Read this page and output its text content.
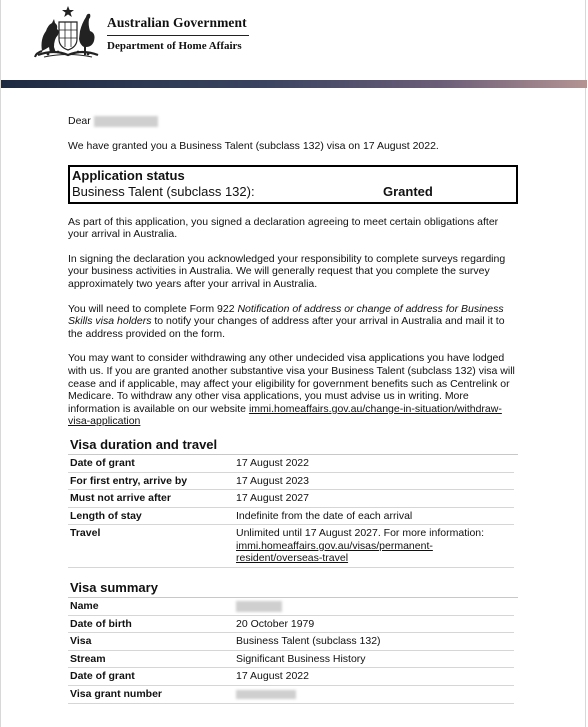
Australian Government
Department of Home Affairs

Dear

We have granted you a Business Talent (subclass 132) visa on 17 August 2022.

Application status
Business Talent (subclass 132):	Granted

As part of this application, you signed a declaration agreeing to meet certain obligations after your arrival in Australia.

In signing the declaration you acknowledged your responsibility to complete surveys regarding your business activities in Australia. We will generally request that you complete the survey approximately two years after your arrival in Australia.

You will need to complete Form 922 Notification of address or change of address for Business Skills visa holders to notify your changes of address after your arrival in Australia and mail it to the address provided on the form.

You may want to consider withdrawing any other undecided visa applications you have lodged with us. If you are granted another substantive visa your Business Talent (subclass 132) visa will cease and if applicable, may affect your eligibility for government benefits such as Centrelink or Medicare. To withdraw any other visa applications, you must advise us in writing. More information is available on our website immi.homeaffairs.gov.au/change-in-situation/withdraw-visa-application

Visa duration and travel
Date of grant	17 August 2022
For first entry, arrive by	17 August 2023
Must not arrive after	17 August 2027
Length of stay	Indefinite from the date of each arrival
Travel	Unlimited until 17 August 2027. For more information: immi.homeaffairs.gov.au/visas/permanent-resident/overseas-travel
Visa summary
Name	
Date of birth	20 October 1979
Visa	Business Talent (subclass 132)
Stream	Significant Business History
Date of grant	17 August 2022
Visa grant number	
